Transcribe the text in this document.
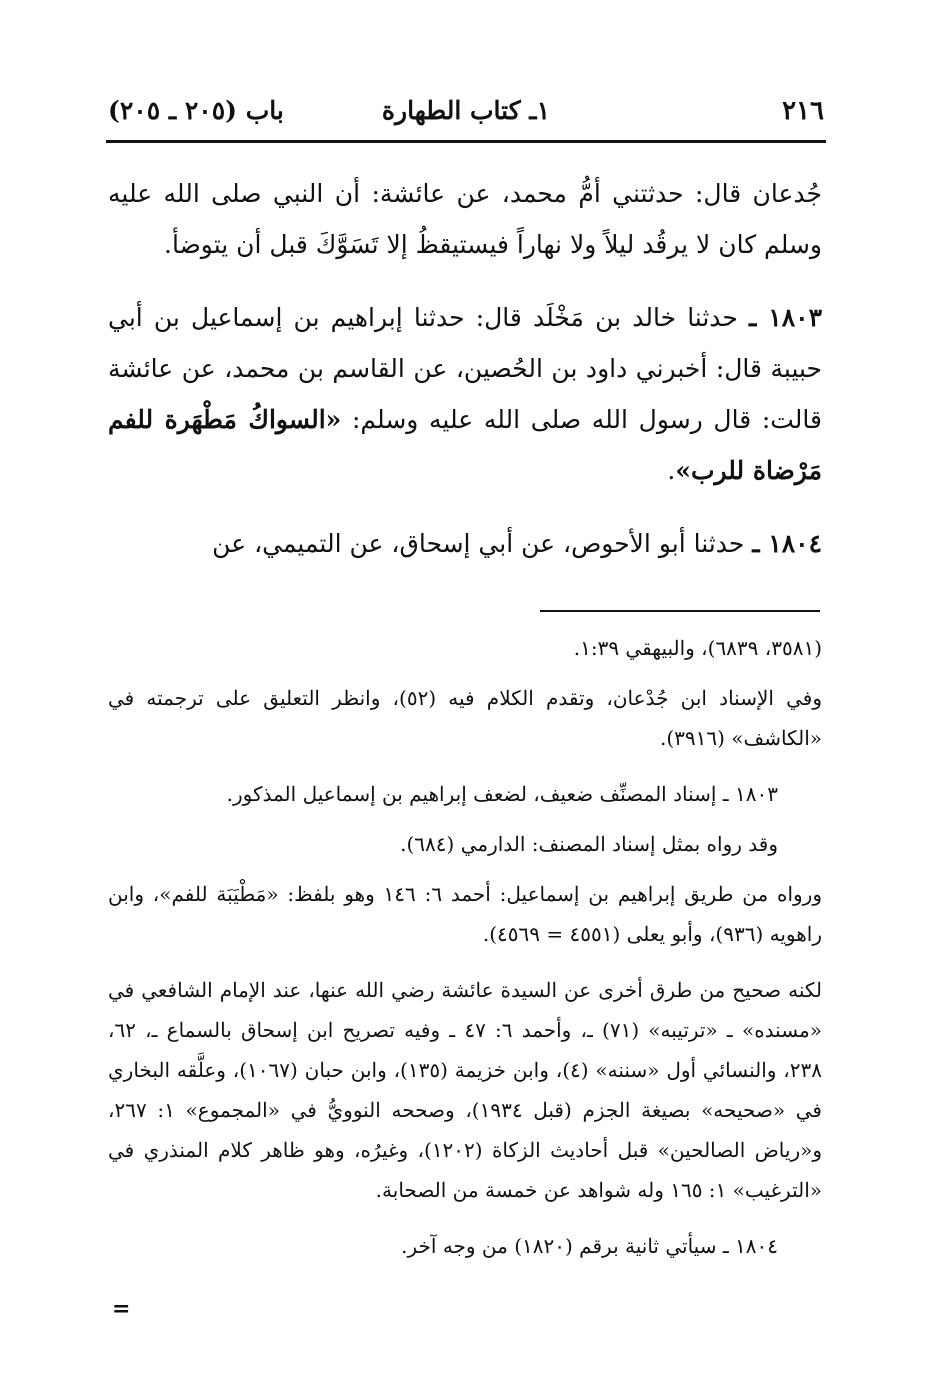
٢١٦
١ـ كتاب الطهارة
باب (٢٠٥ ـ ٢٠٥)

جُدعان قال: حدثتني أمُّ محمد، عن عائشة: أن النبي صلى الله عليه وسلم كان لا يرقُد ليلاً ولا نهاراً فيستيقظُ إلا تَسَوَّكَ قبل أن يتوضأ.

١٨٠٣ ـ حدثنا خالد بن مَخْلَد قال: حدثنا إبراهيم بن إسماعيل بن أبي حبيبة قال: أخبرني داود بن الحُصين، عن القاسم بن محمد، عن عائشة قالت: قال رسول الله صلى الله عليه وسلم: «السواكُ مَطْهَرة للفم مَرْضاة للرب».

١٨٠٤ ـ حدثنا أبو الأحوص، عن أبي إسحاق، عن التميمي، عن

(٣٥٨١، ٦٨٣٩)، والبيهقي ١:٣٩.

وفي الإسناد ابن جُدْعان، وتقدم الكلام فيه (٥٢)، وانظر التعليق على ترجمته في «الكاشف» (٣٩١٦).

١٨٠٣ ـ إسناد المصنِّف ضعيف، لضعف إبراهيم بن إسماعيل المذكور.

وقد رواه بمثل إسناد المصنف: الدارمي (٦٨٤).

ورواه من طريق إبراهيم بن إسماعيل: أحمد ٦: ١٤٦ وهو بلفظ: «مَطْيَبَة للفم»، وابن راهويه (٩٣٦)، وأبو يعلى (٤٥٥١ = ٤٥٦٩).

لكنه صحيح من طرق أخرى عن السيدة عائشة رضي الله عنها، عند الإمام الشافعي في «مسنده» ـ «ترتيبه» (٧١) ـ، وأحمد ٦: ٤٧ ـ وفيه تصريح ابن إسحاق بالسماع ـ، ٦٢، ٢٣٨، والنسائي أول «سننه» (٤)، وابن خزيمة (١٣٥)، وابن حبان (١٠٦٧)، وعلَّقه البخاري في «صحيحه» بصيغة الجزم (قبل ١٩٣٤)، وصححه النوويُّ في «المجموع» ١: ٢٦٧، و«رياض الصالحين» قبل أحاديث الزكاة (١٢٠٢)، وغيرُه، وهو ظاهر كلام المنذري في «الترغيب» ١: ١٦٥ وله شواهد عن خمسة من الصحابة.

١٨٠٤ ـ سيأتي ثانية برقم (١٨٢٠) من وجه آخر.

=
